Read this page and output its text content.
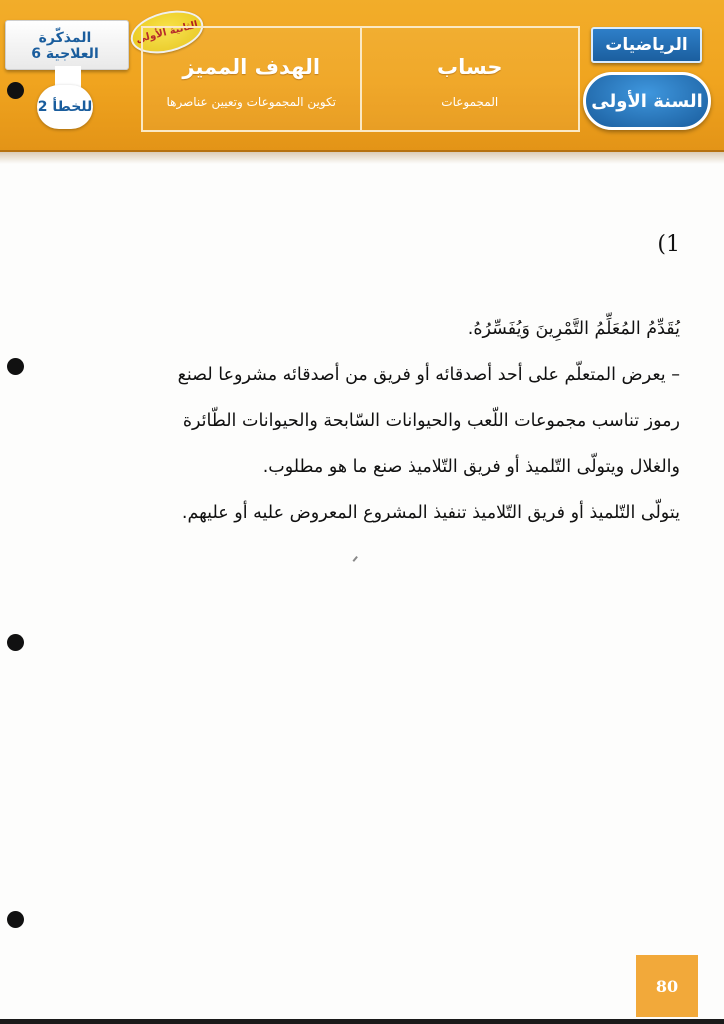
المذكّرة العلاجية 6
للخطأ 2
الثانية الأولى
حساب
المجموعات
الهدف المميز
تكوين المجموعات وتعيين عناصرها
الرياضيات
السنة الأولى
(1

يُقَدِّمُ المُعَلِّمُ التَّمْرِينَ وَيُفَسِّرُهُ.

– يعرض المتعلّم على أحد أصدقائه أو فريق من أصدقائه مشروعا لصنع

رموز تناسب مجموعات اللّعب والحيوانات السّابحة والحيوانات الطّائرة

والغلال ويتولّى التّلميذ أو فريق التّلاميذ صنع ما هو مطلوب.

يتولّى التّلميذ أو فريق التّلاميذ تنفيذ المشروع المعروض عليه أو عليهم.

80
